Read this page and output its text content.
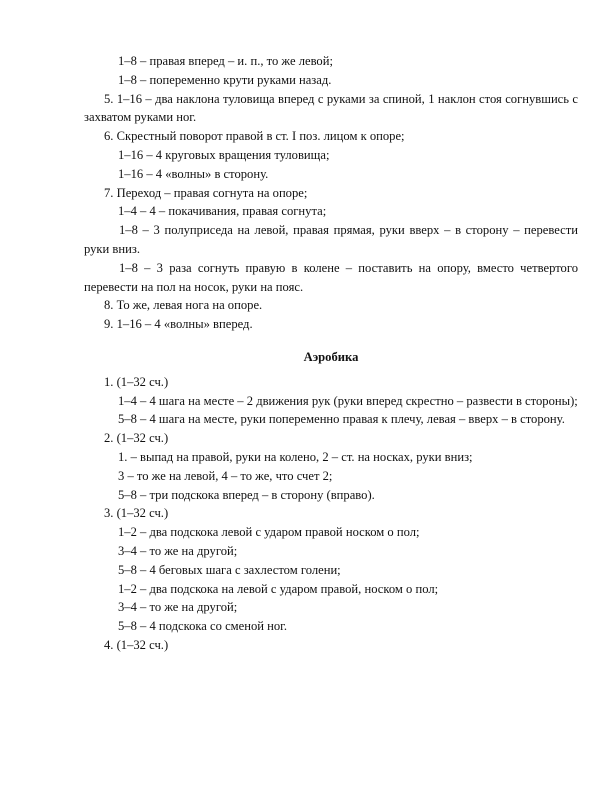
1–8 – правая вперед – и. п., то же левой;
1–8 – попеременно крути руками назад.
5. 1–16 – два наклона туловища вперед с руками за спиной, 1 наклон стоя согнувшись с захватом руками ног.
6. Скрестный поворот правой в ст. I поз. лицом к опоре;
1–16 – 4 круговых вращения туловища;
1–16 – 4 «волны» в сторону.
7. Переход – правая согнута на опоре;
1–4 – 4 – покачивания, правая согнута;
1–8 – 3 полуприседа на левой, правая прямая, руки вверх – в сторону – перевести руки вниз.
1–8 – 3 раза согнуть правую в колене – поставить на опору, вместо четвертого перевести на пол на носок, руки на пояс.
8. То же, левая нога на опоре.
9. 1–16 – 4 «волны» вперед.
Аэробика
1. (1–32 сч.)
1–4 – 4 шага на месте – 2 движения рук (руки вперед скрестно – развести в стороны);
5–8 – 4 шага на месте, руки попеременно правая к плечу, левая – вверх – в сторону.
2. (1–32 сч.)
1. – выпад на правой, руки на колено, 2 – ст. на носках, руки вниз;
3 – то же на левой, 4 – то же, что счет 2;
5–8 – три подскока вперед – в сторону (вправо).
3. (1–32 сч.)
1–2 – два подскока левой с ударом правой носком о пол;
3–4 – то же на другой;
5–8 – 4 беговых шага с захлестом голени;
1–2 – два подскока на левой с ударом правой, носком о пол;
3–4 – то же на другой;
5–8 – 4 подскока со сменой ног.
4. (1–32 сч.)
